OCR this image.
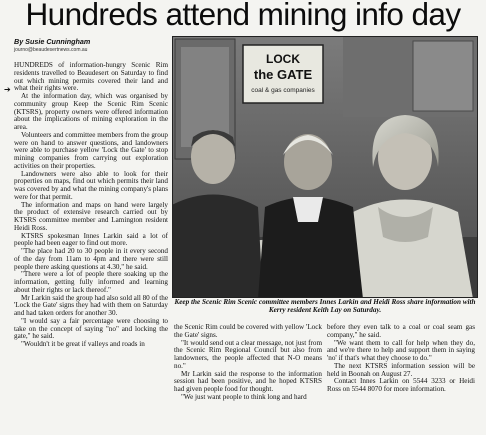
Hundreds attend mining info day
By Susie Cunningham
journo@beaudesertnews.com.au
➔

HUNDREDS of information-hungry Scenic Rim residents travelled to Beaudesert on Saturday to find out which mining permits covered their land and what their rights were.

At the information day, which was organised by community group Keep the Scenic Rim Scenic (KTSRS), property owners were offered information about the implications of mining exploration in the area.

Volunteers and committee members from the group were on hand to answer questions, and landowners were able to purchase yellow 'Lock the Gate' to stop mining companies from carrying out exploration activities on their properties.

Landowners were also able to look for their properties on maps, find out which permits their land was covered by and what the mining company's plans were for that permit.

The information and maps on hand were largely the product of extensive research carried out by KTSRS committee member and Lamington resident Heidi Ross.

KTSRS spokesman Innes Larkin said a lot of people had been eager to find out more.

"The place had 20 to 30 people in it every second of the day from 11am to 4pm and there were still people there asking questions at 4.30," he said.

"There were a lot of people there soaking up the information, getting fully informed and learning about their rights or lack thereof."

Mr Larkin said the group had also sold all 80 of the 'Lock the Gate' signs they had with them on Saturday and had taken orders for another 30.

"I would say a fair percentage were choosing to take on the concept of saying "no" and locking the gate," he said.

"Wouldn't it be great if valleys and roads in

LOCK
the GATE
coal & gas companies
Keep the Scenic Rim Scenic committee members Innes Larkin and Heidi Ross share information with Kerry resident Keith Lay on Saturday.

the Scenic Rim could be covered with yellow 'Lock the Gate' signs.

"It would send out a clear message, not just from the Scenic Rim Regional Council but also from landowners, the people affected that N-O means no."

Mr Larkin said the response to the information session had been positive, and he hoped KTSRS had given people food for thought.

"We just want people to think long and hard

before they even talk to a coal or coal seam gas company," he said.

"We want them to call for help when they do, and we're there to help and support them in saying 'no' if that's what they choose to do."

The next KTSRS information session will be held in Boonah on August 27.

Contact Innes Larkin on 5544 3233 or Heidi Ross on 5544 8070 for more information.
